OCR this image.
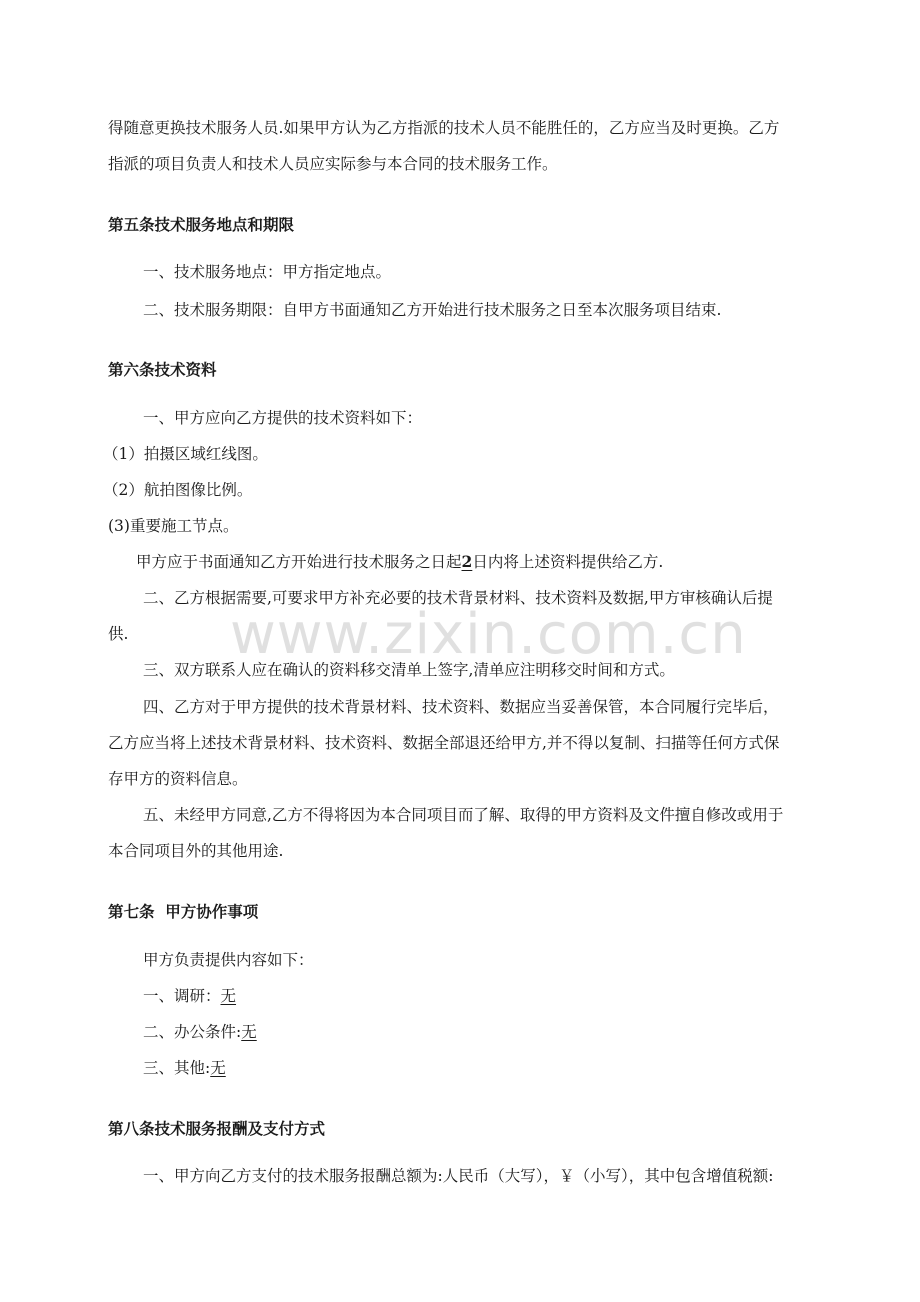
得随意更换技术服务人员.如果甲方认为乙方指派的技术人员不能胜任的，乙方应当及时更换。乙方
指派的项目负责人和技术人员应实际参与本合同的技术服务工作。
第五条技术服务地点和期限
一、技术服务地点：甲方指定地点。
二、技术服务期限：自甲方书面通知乙方开始进行技术服务之日至本次服务项目结束.
第六条技术资料
一、甲方应向乙方提供的技术资料如下：
（1）拍摄区域红线图。
（2）航拍图像比例。
(3)重要施工节点。
甲方应于书面通知乙方开始进行技术服务之日起2日内将上述资料提供给乙方.
二、乙方根据需要,可要求甲方补充必要的技术背景材料、技术资料及数据,甲方审核确认后提
供.
三、双方联系人应在确认的资料移交清单上签字,清单应注明移交时间和方式。
四、乙方对于甲方提供的技术背景材料、技术资料、数据应当妥善保管，本合同履行完毕后，
乙方应当将上述技术背景材料、技术资料、数据全部退还给甲方,并不得以复制、扫描等任何方式保
存甲方的资料信息。
五、未经甲方同意,乙方不得将因为本合同项目而了解、取得的甲方资料及文件擅自修改或用于
本合同项目外的其他用途.
第七条  甲方协作事项
甲方负责提供内容如下：
一、调研：无
二、办公条件:无
三、其他:无
第八条技术服务报酬及支付方式
一、甲方向乙方支付的技术服务报酬总额为:人民币（大写），￥（小写），其中包含增值税额:
www.zixin.com.cn
